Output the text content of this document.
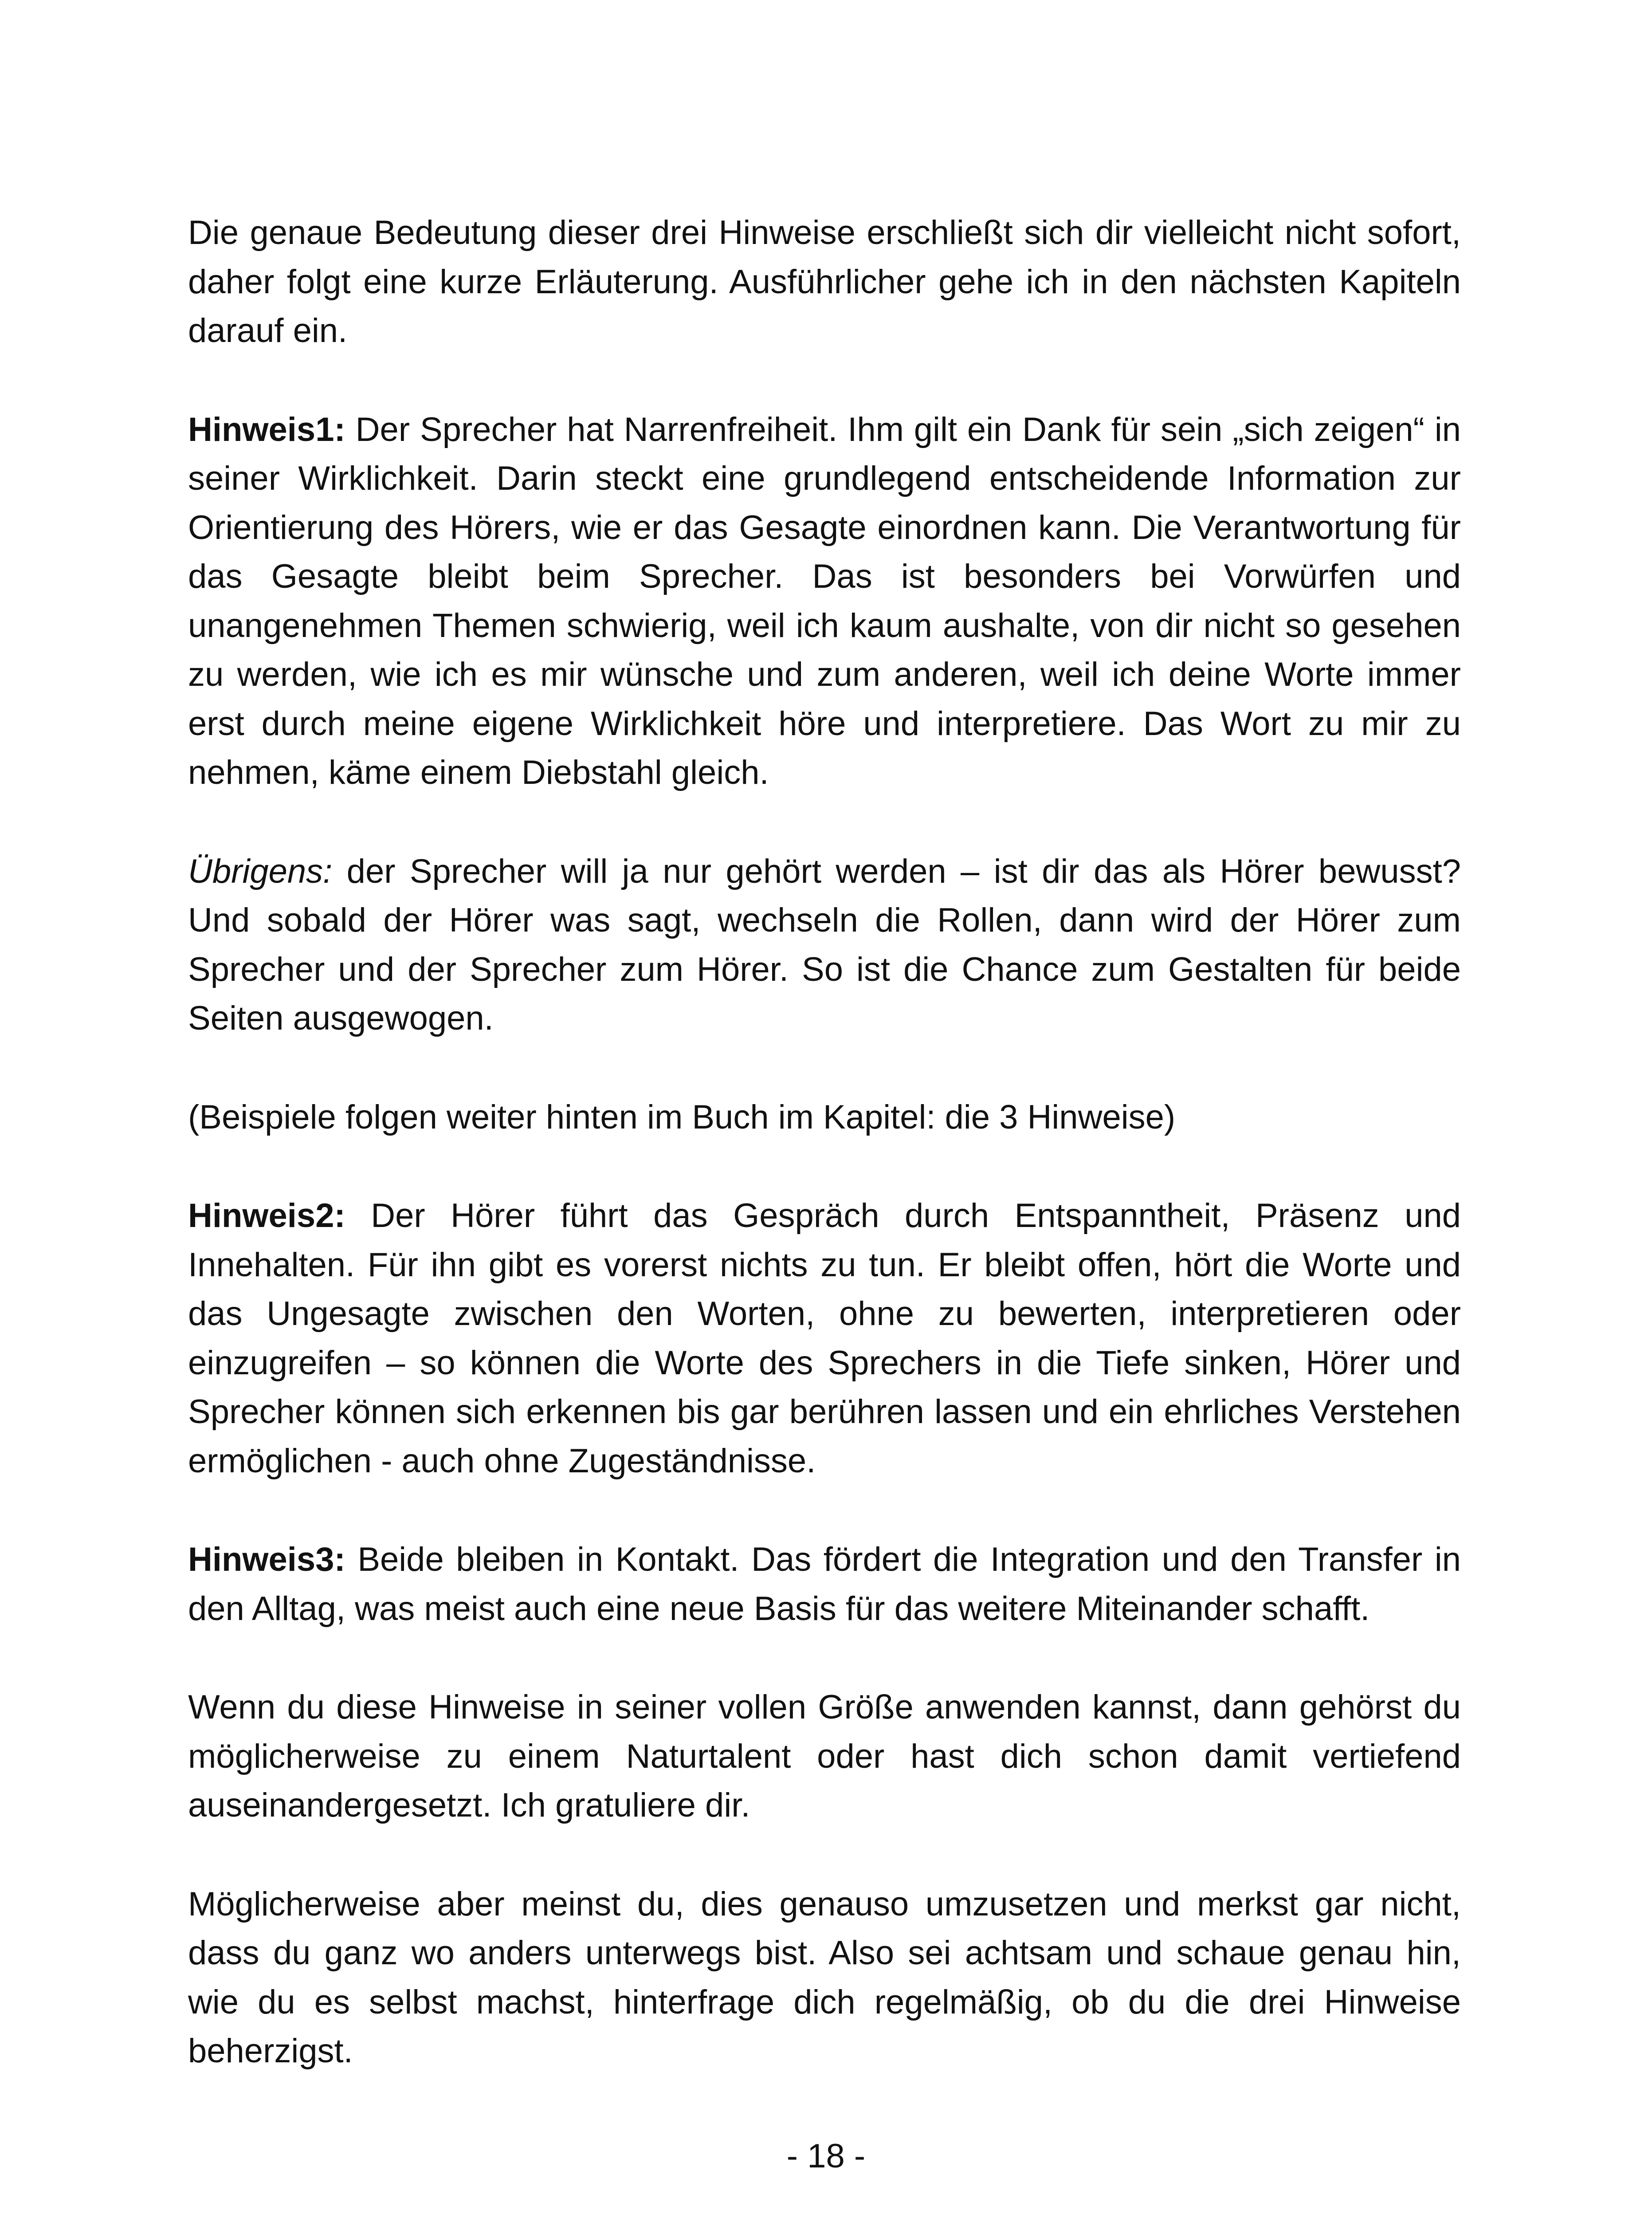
Die genaue Bedeutung dieser drei Hinweise erschließt sich dir vielleicht nicht sofort, daher folgt eine kurze Erläuterung. Ausführlicher gehe ich in den nächsten Kapiteln darauf ein.

Hinweis1: Der Sprecher hat Narrenfreiheit. Ihm gilt ein Dank für sein „sich zeigen“ in seiner Wirklichkeit. Darin steckt eine grundlegend entscheidende Information zur Orientierung des Hörers, wie er das Gesagte einordnen kann. Die Verantwortung für das Gesagte bleibt beim Sprecher. Das ist besonders bei Vorwürfen und unangenehmen Themen schwierig, weil ich kaum aushalte, von dir nicht so gesehen zu werden, wie ich es mir wünsche und zum anderen, weil ich deine Worte immer erst durch meine eigene Wirklichkeit höre und interpretiere. Das Wort zu mir zu nehmen, käme einem Diebstahl gleich.

Übrigens: der Sprecher will ja nur gehört werden – ist dir das als Hörer bewusst? Und sobald der Hörer was sagt, wechseln die Rollen, dann wird der Hörer zum Sprecher und der Sprecher zum Hörer. So ist die Chance zum Gestalten für beide Seiten ausgewogen.

(Beispiele folgen weiter hinten im Buch im Kapitel: die 3 Hinweise)

Hinweis2: Der Hörer führt das Gespräch durch Entspanntheit, Präsenz und Innehalten. Für ihn gibt es vorerst nichts zu tun. Er bleibt offen, hört die Worte und das Ungesagte zwischen den Worten, ohne zu bewerten, interpretieren oder einzugreifen – so können die Worte des Sprechers in die Tiefe sinken, Hörer und Sprecher können sich erkennen bis gar berühren lassen und ein ehrliches Verstehen ermöglichen - auch ohne Zugeständnisse.

Hinweis3: Beide bleiben in Kontakt. Das fördert die Integration und den Transfer in den Alltag, was meist auch eine neue Basis für das weitere Miteinander schafft.

Wenn du diese Hinweise in seiner vollen Größe anwenden kannst, dann gehörst du möglicherweise zu einem Naturtalent oder hast dich schon damit vertiefend auseinandergesetzt. Ich gratuliere dir.

Möglicherweise aber meinst du, dies genauso umzusetzen und merkst gar nicht, dass du ganz wo anders unterwegs bist. Also sei achtsam und schaue genau hin, wie du es selbst machst, hinterfrage dich regelmäßig, ob du die drei Hinweise beherzigst.

- 18 -
